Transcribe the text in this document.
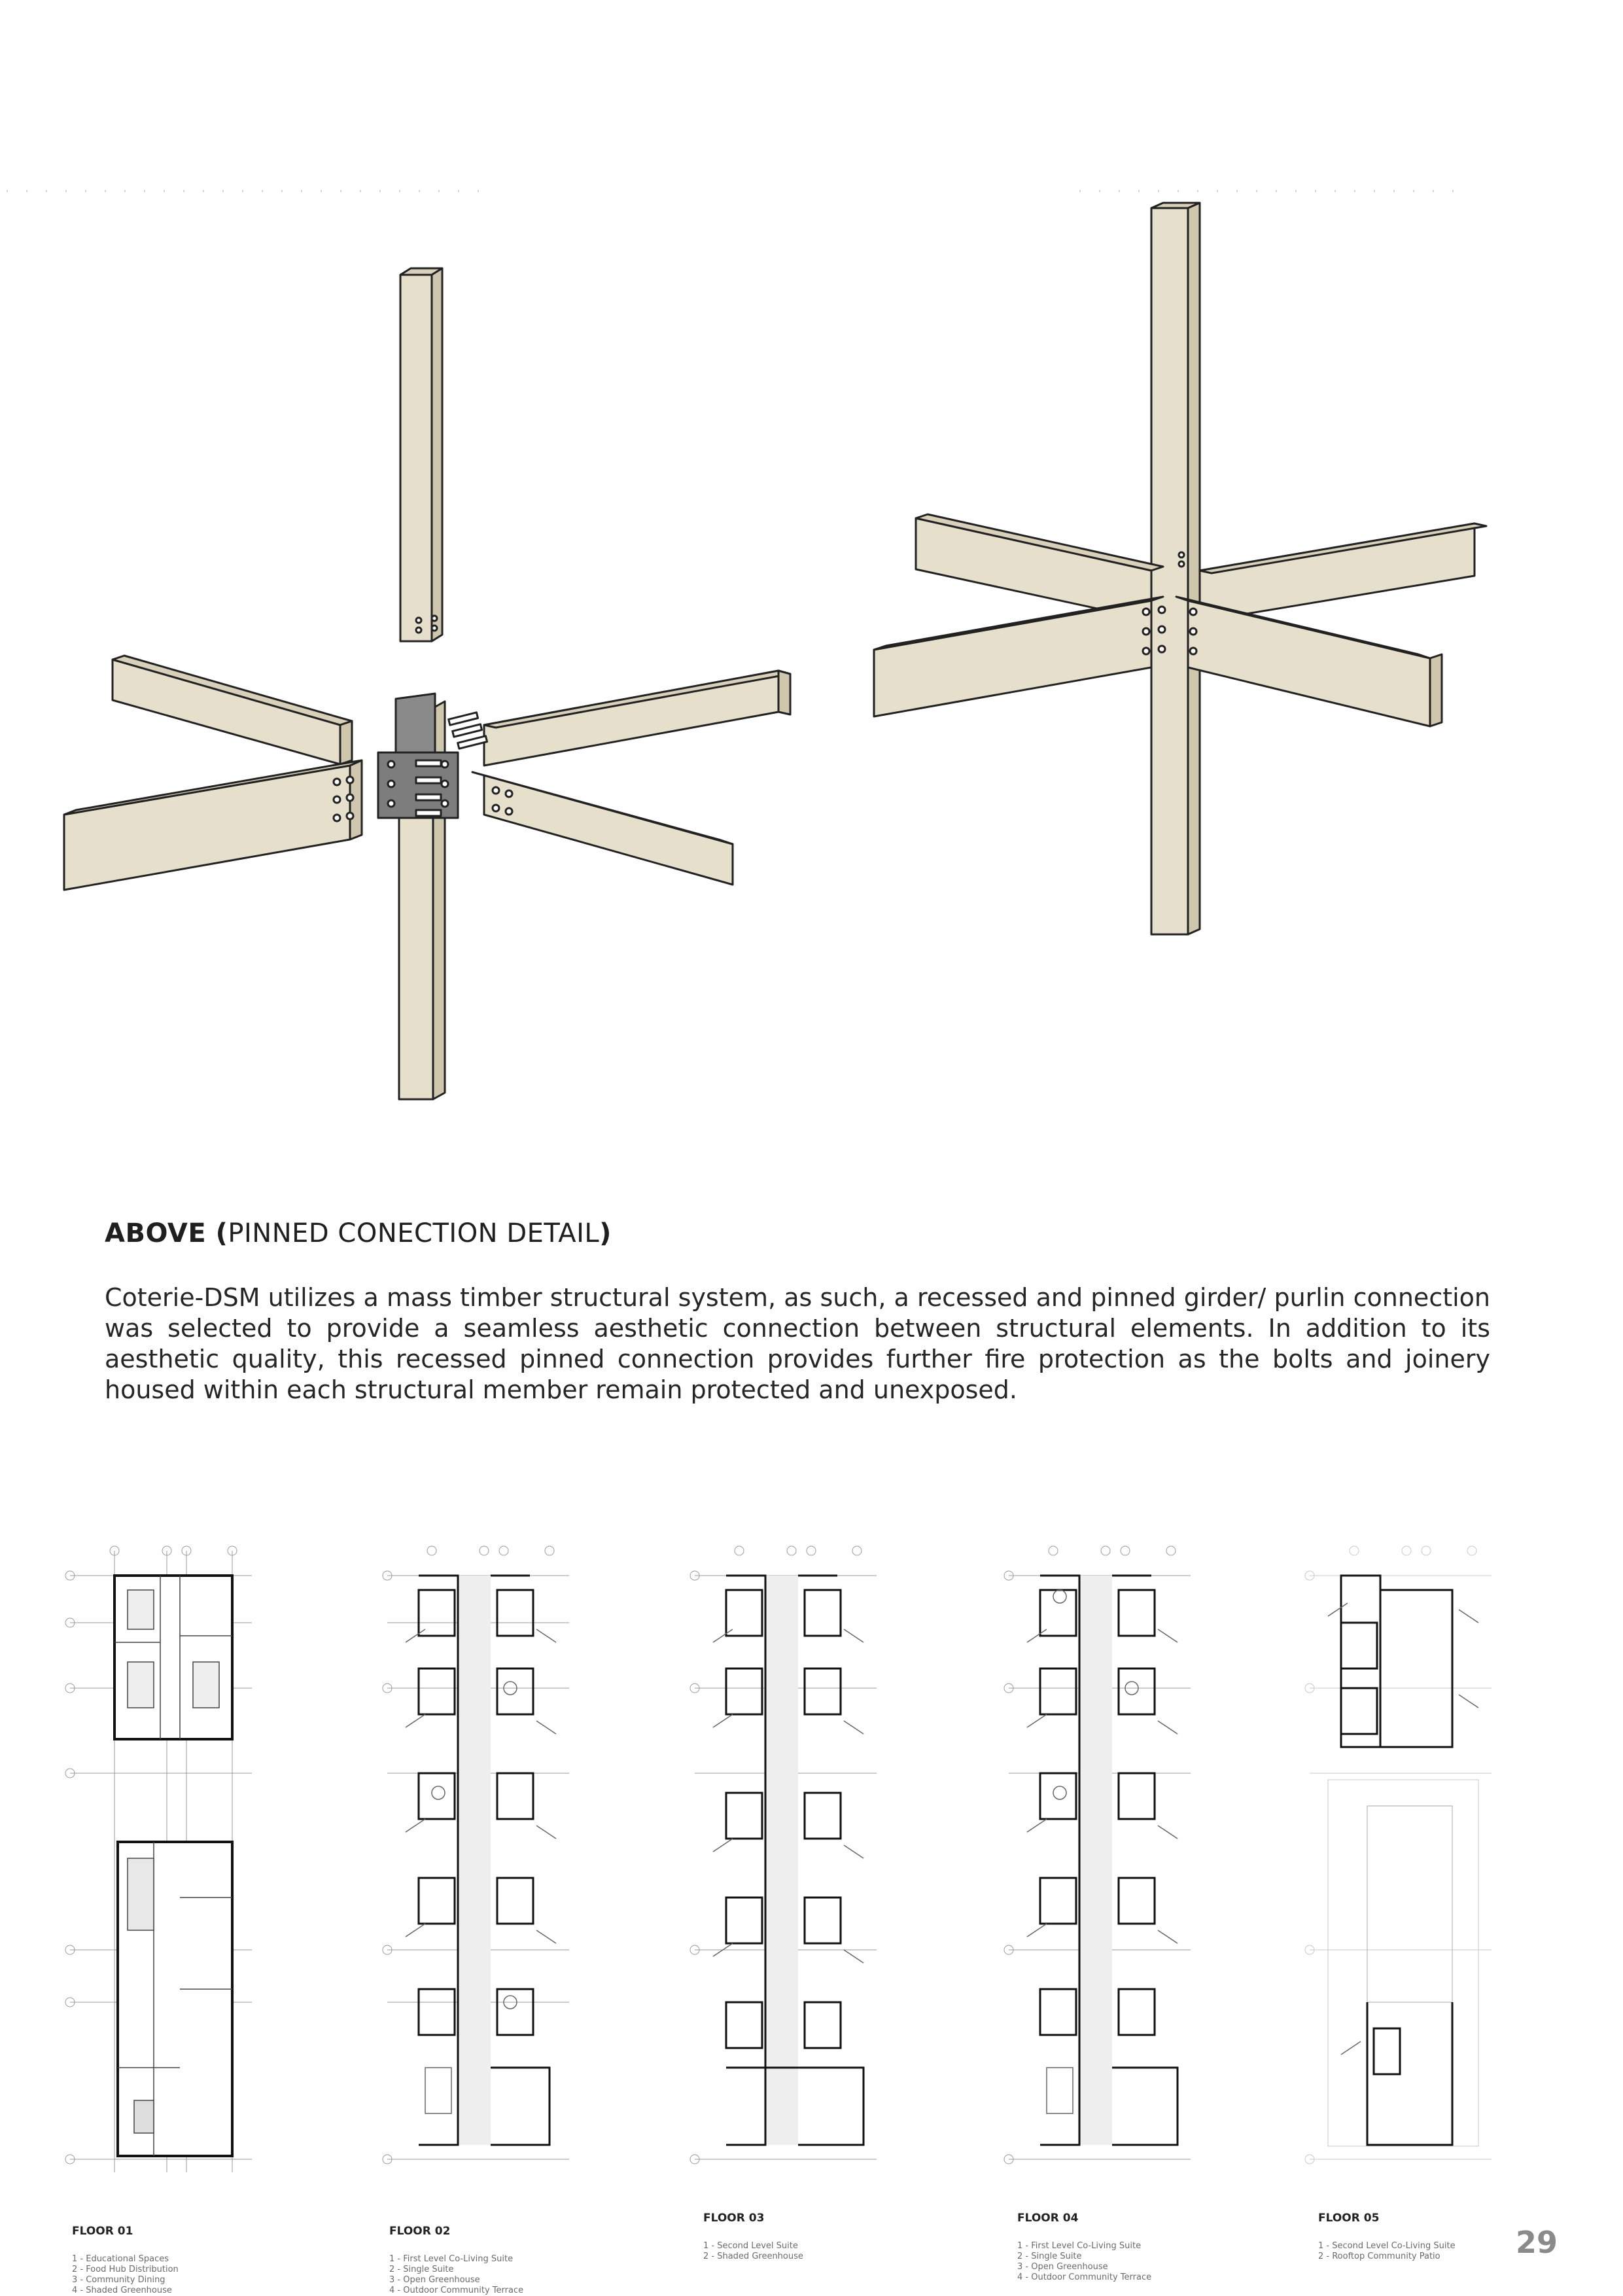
ABOVE (PINNED CONECTION DETAIL)
Coterie-DSM utilizes a mass timber structural system, as such, a recessed and pinned girder/ purlin connection was selected to provide a seamless aesthetic connection between structural elements. In addition to its aesthetic quality, this recessed pinned connection provides further fire protection as the bolts and joinery housed within each structural member remain protected and unexposed.
FLOOR 01
1 - Educational Spaces
2 - Food Hub Distribution
3 - Community Dining
4 - Shaded Greenhouse
FLOOR 02
1 - First Level Co-Living Suite
2 - Single Suite
3 - Open Greenhouse
4 - Outdoor Community Terrace
FLOOR 03
1 - Second Level Suite
2 - Shaded Greenhouse
FLOOR 04
1 - First Level Co-Living Suite
2 - Single Suite
3 - Open Greenhouse
4 - Outdoor Community Terrace
FLOOR 05
1 - Second Level Co-Living Suite
2 - Rooftop Community Patio	29
